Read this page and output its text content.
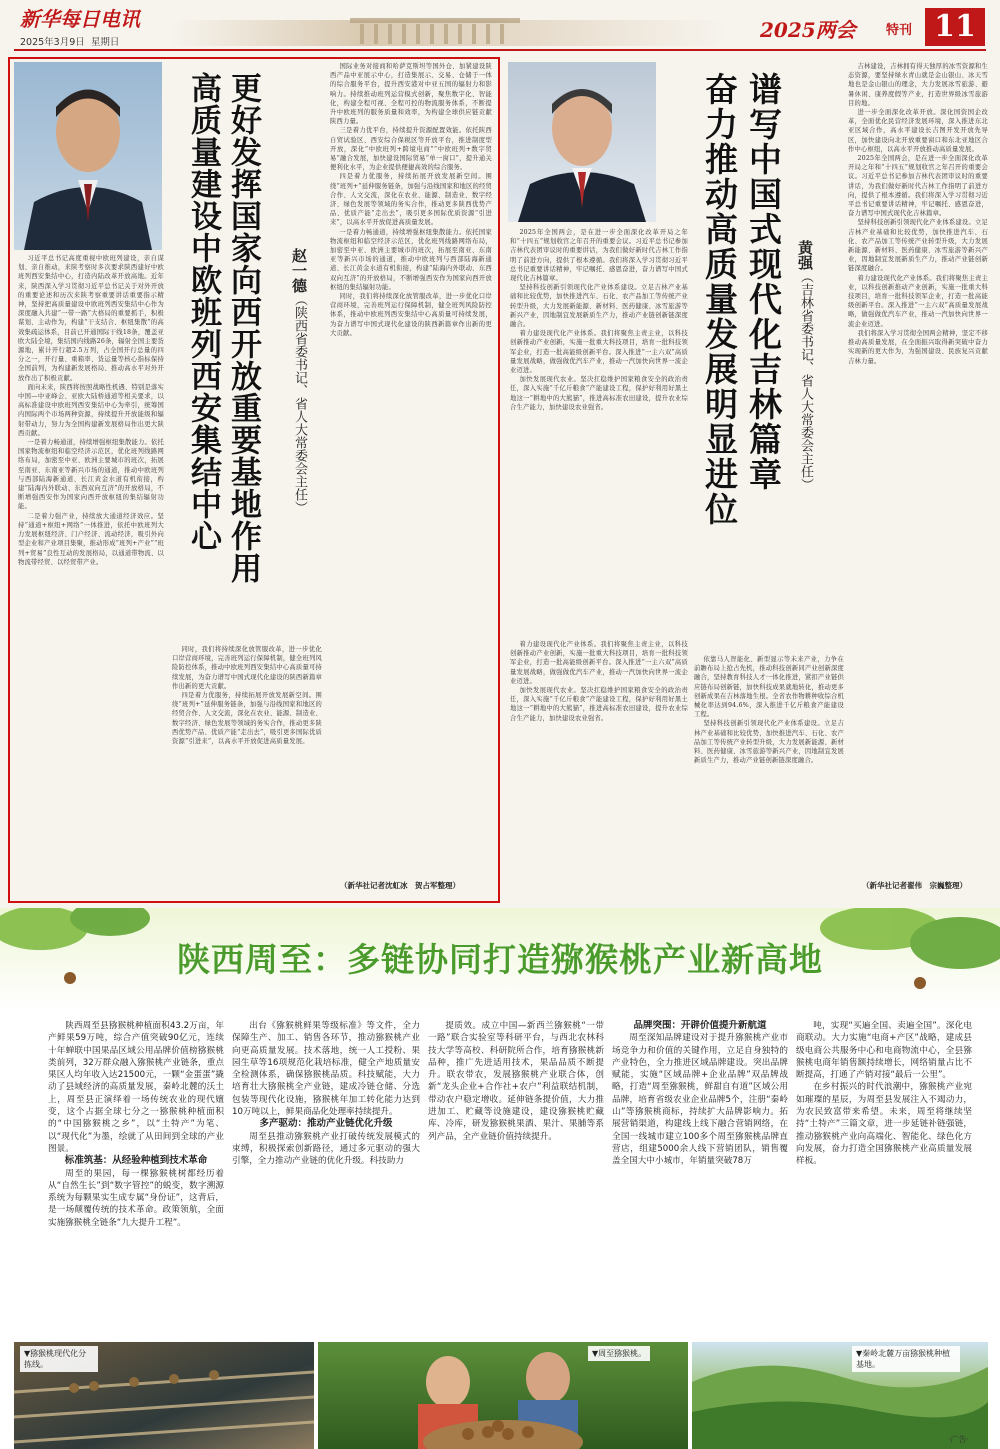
新华每日电讯
2025年3月9日 星期日
2025两会 特刊 11
更好发挥国家向西开放重要基地作用
高质量建设中欧班列西安集结中心	赵一德（陕西省委书记、省人大常委会主任）

习近平总书记高度重视中欧班列建设，亲自谋划、亲自推动，来陕考察时多次要求陕西建好中欧班列西安集结中心，打造内陆改革开放高地。近年来，陕西深入学习贯彻习近平总书记关于对外开放的重要论述和历次来陕考察重要讲话重要指示精神，坚持把高质量建设中欧班列西安集结中心作为深度融入共建“一带一路”大格局的重要抓手，积极谋划、主动作为，构建“干支结合、枢纽集散”的高效集疏运体系，目前已开通国际干线18条，覆盖亚欧大陆全境，集结国内线路26条，辐射全国主要货源地，累计开行超2.5万列，占全国开行总量的四分之一，开行量、重箱率、货运量等核心指标保持全国前列，为构建新发展格局、推动高水平对外开放作出了积极贡献。

面向未来，陕西将按照战略性机遇、特别是落实中国—中亚峰会、亚欧大陆桥通道等相关要求，以高标准建设中欧班列西安集结中心为牵引，统筹国内国际两个市场两种资源，持续提升开放能级和辐射带动力，努力为全国构建新发展格局作出更大陕西贡献。

一是着力畅通道，持续增强枢纽集散能力。依托国家物流枢纽和临空经济示范区，优化班列线路网络布局，加密至中亚、欧洲主要城市的班次，拓展至南亚、东南亚等新兴市场的通道，推动中欧班列与西部陆海新通道、长江黄金水道有机衔接，构建“陆海内外联动、东西双向互济”的开放格局，不断增强西安作为国家向西开放枢纽的集结辐射功能。

二是着力强产业，持续放大通道经济效应。坚持“通道+枢纽+网络”一体推进，依托中欧班列大力发展枢纽经济、门户经济、流动经济，吸引外向型企业和产业项目集聚，推动形成“班列+产业”“班列+贸易”良性互动的发展格局，以通道带物流、以物流带经贸、以经贸带产业。

同时，我们将持续深化放管服改革，进一步优化口岸营商环境，完善班列运行保障机制，健全班列风险防控体系，推动中欧班列西安集结中心高质量可持续发展，为奋力谱写中国式现代化建设的陕西新篇章作出新的更大贡献。

四是着力优服务，持续拓展开放发展新空间。围绕“班列+”延伸服务链条，加强与沿线国家和地区的经贸合作、人文交流，深化在农业、能源、制造业、数字经济、绿色发展等领域的务实合作，推动更多陕西优势产品、优质产能“走出去”，吸引更多国际优质资源“引进来”，以高水平开放促进高质量发展。

国际业务对接商和哈萨克斯坦等国外仓、加紧建设陕西产品中亚展示中心，打造集展示、交易、仓储于一体的综合服务平台，提升西安港对中亚五国的辐射力和影响力。持续推动班列运营模式创新，聚焦数字化、智能化，构建全程可视、全程可控的物流服务体系，不断提升中欧班列的服务质量和效率，为构建全球供应链贡献陕西力量。

三是着力优平台，持续提升资源配置效能。依托陕西自贸试验区、西安综合保税区等开放平台，推进制度型开放，深化“中欧班列+跨境电商”“中欧班列+数字贸易”融合发展，加快建设国际贸易“单一窗口”，提升通关便利化水平，为企业提供便捷高效的综合服务。

四是着力优服务，持续拓展开放发展新空间。围绕“班列+”延伸服务链条，加强与沿线国家和地区的经贸合作、人文交流，深化在农业、能源、制造业、数字经济、绿色发展等领域的务实合作，推动更多陕西优势产品、优质产能“走出去”，吸引更多国际优质资源“引进来”，以高水平开放促进高质量发展。

一是着力畅通道，持续增强枢纽集散能力。依托国家物流枢纽和临空经济示范区，优化班列线路网络布局，加密至中亚、欧洲主要城市的班次，拓展至南亚、东南亚等新兴市场的通道，推动中欧班列与西部陆海新通道、长江黄金水道有机衔接，构建“陆海内外联动、东西双向互济”的开放格局，不断增强西安作为国家向西开放枢纽的集结辐射功能。

同时，我们将持续深化放管服改革，进一步优化口岸营商环境，完善班列运行保障机制，健全班列风险防控体系，推动中欧班列西安集结中心高质量可持续发展，为奋力谱写中国式现代化建设的陕西新篇章作出新的更大贡献。

（新华社记者沈虹冰　贺占军整理）
谱写中国式现代化吉林篇章
奋力推动高质量发展明显进位	黄强（吉林省委书记、省人大常委会主任）

2025年全国两会，是在进一步全面深化改革开局之年和“十四五”规划收官之年召开的重要会议。习近平总书记参加吉林代表团审议时的重要讲话，为我们做好新时代吉林工作指明了前进方向，提供了根本遵循。我们将深入学习贯彻习近平总书记重要讲话精神，牢记嘱托、感恩奋进，奋力谱写中国式现代化吉林篇章。

坚持科技创新引领现代化产业体系建设。立足吉林产业基础和比较优势，加快推进汽车、石化、农产品加工等传统产业转型升级，大力发展新能源、新材料、医药健康、冰雪旅游等新兴产业，因地制宜发展新质生产力，推动产业链创新链深度融合。

着力建设现代化产业体系。我们将聚焦主责主业，以科技创新推动产业创新，实施一批重大科技项目，培育一批科技领军企业，打造一批高能级创新平台。深入推进“一主六双”高质量发展战略，做强做优汽车产业，推动一汽加快向世界一流企业迈进。

加快发展现代农业。坚决扛稳维护国家粮食安全的政治责任，深入实施“千亿斤粮食”产能建设工程，保护好利用好黑土地这一“耕地中的大熊猫”，推进高标准农田建设，提升农业综合生产能力，加快建设农业强省。

着力建设现代化产业体系。我们将聚焦主责主业，以科技创新推动产业创新，实施一批重大科技项目，培育一批科技领军企业，打造一批高能级创新平台。深入推进“一主六双”高质量发展战略，做强做优汽车产业，推动一汽加快向世界一流企业迈进。

加快发展现代农业。坚决扛稳维护国家粮食安全的政治责任，深入实施“千亿斤粮食”产能建设工程，保护好利用好黑土地这一“耕地中的大熊猫”，推进高标准农田建设，提升农业综合生产能力，加快建设农业强省。

依靠马人智能化、新型显示等未来产业，力争在前瞻布局上抢占先机，推动科技创新同产业创新深度融合，坚持教育科技人才一体化推进，紧扣产业链供应链布局创新链，加快科技成果就地转化，推动更多创新成果在吉林落地生根。全省农作物耕种收综合机械化率达到94.6%，深入推进千亿斤粮食产能建设工程。

坚持科技创新引领现代化产业体系建设。立足吉林产业基础和比较优势，加快推进汽车、石化、农产品加工等传统产业转型升级，大力发展新能源、新材料、医药健康、冰雪旅游等新兴产业，因地制宜发展新质生产力，推动产业链创新链深度融合。

吉林建设，吉林拥有得天独厚的冰雪资源和生态资源，要坚持绿水青山就是金山银山、冰天雪地也是金山银山的理念，大力发展冰雪旅游、避暑休闲、康养度假等产业，打造世界级冰雪旅游目的地。

进一步全面深化改革开放。深化国资国企改革，全面优化民营经济发展环境，深入推进东北亚区域合作，高水平建设长吉图开发开放先导区，加快建设向北开放重要窗口和东北亚地区合作中心枢纽，以高水平开放推动高质量发展。

2025年全国两会，是在进一步全面深化改革开局之年和“十四五”规划收官之年召开的重要会议。习近平总书记参加吉林代表团审议时的重要讲话，为我们做好新时代吉林工作指明了前进方向，提供了根本遵循。我们将深入学习贯彻习近平总书记重要讲话精神，牢记嘱托、感恩奋进，奋力谱写中国式现代化吉林篇章。

坚持科技创新引领现代化产业体系建设。立足吉林产业基础和比较优势，加快推进汽车、石化、农产品加工等传统产业转型升级，大力发展新能源、新材料、医药健康、冰雪旅游等新兴产业，因地制宜发展新质生产力，推动产业链创新链深度融合。

着力建设现代化产业体系。我们将聚焦主责主业，以科技创新推动产业创新，实施一批重大科技项目，培育一批科技领军企业，打造一批高能级创新平台。深入推进“一主六双”高质量发展战略，做强做优汽车产业，推动一汽加快向世界一流企业迈进。

我们将深入学习贯彻全国两会精神，坚定不移推动高质量发展，在全面振兴取得新突破中奋力实现新的更大作为，为强国建设、民族复兴贡献吉林力量。

（新华社记者翟伟　宗巍整理）
陕西周至：多链协同打造猕猴桃产业新高地

陕西周至县猕猴桃种植面积43.2万亩，年产鲜果59万吨，综合产值突破90亿元，连续十年蝉联中国果品区域公用品牌价值榜猕猴桃类前列，32万群众融入猕猴桃产业链条，重点果区人均年收入达21500元，一颗“金蛋蛋”撬动了县域经济的高质量发展，秦岭北麓的沃土上，周至县正演绎着一场传统农业的现代嬗变，这个占据全球七分之一猕猴桃种植面积的“中国猕猴桃之乡”，以“土特产”为笔、以“现代化”为墨，绘就了从田间到全球的产业图景。

标准筑基：从经验种植到技术革命

周至的果园，每一棵猕猴桃树都经历着从“自然生长”到“数字管控”的蜕变，数字溯源系统为每颗果实生成专属“身份证”，这背后，是一场颠覆传统的技术革命。政策领航，全面实施猕猴桃全链条“九大提升工程”。

出台《猕猴桃鲜果等级标准》等文件，全力保障生产、加工、销售各环节，推动猕猴桃产业向更高质量发展。技术落地，统一人工授粉、果园生草等16项规范化栽培标准，健全产地质量安全检测体系，确保猕猴桃品质。科技赋能，大力培育壮大猕猴桃全产业链，建成冷链仓储、分选包装等现代化设施，猕猴桃年加工转化能力达到10万吨以上，鲜果商品化处理率持续提升。

多产驱动：推动产业链优化升级

周至县推动猕猴桃产业打破传统发展模式的束缚，积极探索创新路径，通过多元驱动的强大引擎，全力推动产业链的优化升级。科技助力

提质效。成立中国—新西兰猕猴桃“一带一路”联合实验室等科研平台，与西北农林科技大学等高校、科研院所合作，培育猕猴桃新品种，推广先进适用技术，果品品质不断提升。联农带农，发展猕猴桃产业联合体，创新“龙头企业+合作社+农户”利益联结机制，带动农户稳定增收。延伸链条提价值，大力推进加工、贮藏等设施建设，建设猕猴桃贮藏库、冷库，研发猕猴桃果酒、果汁、果脯等系列产品，全产业链价值持续提升。

品牌突围：开辟价值提升新航道

周至深知品牌建设对于提升猕猴桃产业市场竞争力和价值的关键作用，立足自身独特的产业特色，全力推进区域品牌建设。突出品牌赋能，实施“区域品牌+企业品牌”双品牌战略，打造“周至猕猴桃，鲜甜自有道”区域公用品牌，培育省级农业企业品牌5个，注册“秦岭山”等猕猴桃商标，持续扩大品牌影响力。拓展营销渠道，构建线上线下融合营销网络，在全国一线城市建立100多个周至猕猴桃品牌直营店，组建5000余人线下营销团队，销售覆盖全国大中小城市，年销量突破78万

吨，实现“买遍全国、卖遍全国”。深化电商联动。大力实施“电商+产区”战略，建成县级电商公共服务中心和电商物流中心，全县猕猴桃电商年销售额持续增长，网络销量占比不断提高，打通了产销对接“最后一公里”。

在乡村振兴的时代浪潮中，猕猴桃产业宛如璀璨的星辰，为周至县发展注入不竭动力，为农民致富带来希望。未来，周至将继续坚持“土特产”三篇文章，进一步延链补链强链，推动猕猴桃产业向高端化、智能化、绿色化方向发展，奋力打造全国猕猴桃产业高质量发展样板。

▼猕猴桃现代化分拣线。
▼周至猕猴桃。	▼秦岭北麓万亩猕猴桃种植基地。
·广告·
